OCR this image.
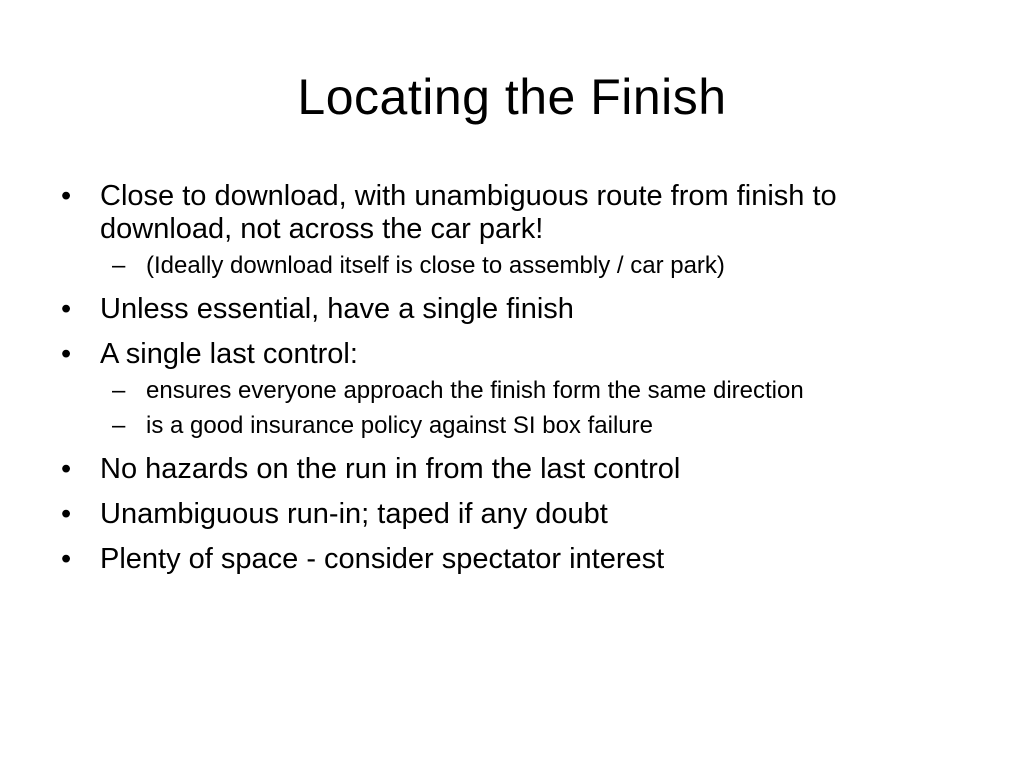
Locating the Finish
• Close to download, with unambiguous route from finish to download, not across the car park!
– (Ideally download itself is close to assembly / car park)
• Unless essential, have a single finish
• A single last control:
– ensures everyone approach the finish form the same direction
– is a good insurance policy against SI box failure
• No hazards on the run in from the last control
• Unambiguous run-in; taped if any doubt
• Plenty of space - consider spectator interest
